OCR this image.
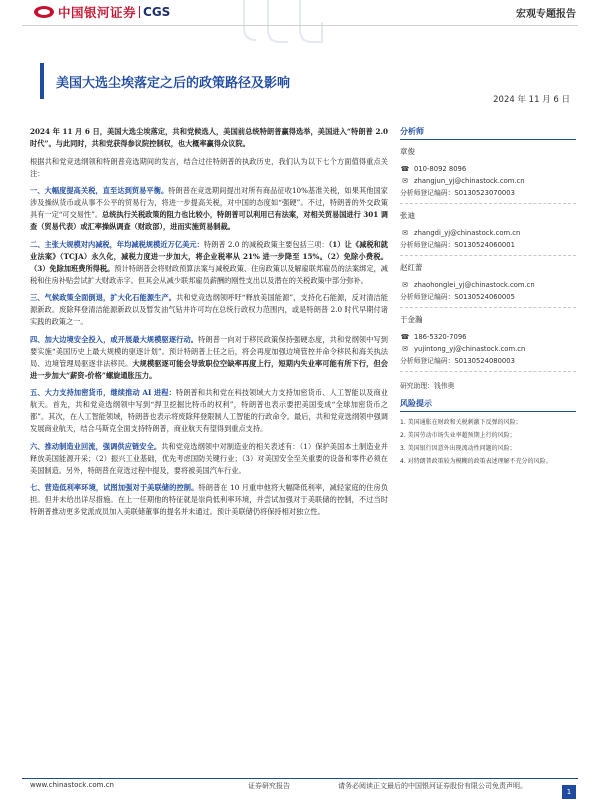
中国银河证券 CGS	宏观专题报告
美国大选尘埃落定之后的政策路径及影响
2024 年 11 月 6 日

2024 年 11 月 6 日，美国大选尘埃落定，共和党候选人，美国前总统特朗普赢得选举，美国进入“特朗普 2.0 时代”。与此同时，共和党获得参议院控制权，也大概率赢得众议院。

根据共和党竞选纲领和特朗普竞选期间的发言，结合过往特朗普的执政历史，我们认为以下七个方面值得重点关注：

一、大幅度提高关税，直至达到贸易平衡。特朗普在竞选期间提出对所有商品征收10%基准关税，如果其他国家涉及操纵货币或从事不公平的贸易行为，将进一步提高关税，对中国的态度如“强硬”。不过，特朗普的外交政策具有一定“可交易性”。总统执行关税政策的阻力也比较小，特朗普可以利用已有法案，对相关贸易国进行 301 调查（贸易代表）或汇率操纵调查（财政部），进而实施贸易制裁。

二、主张大规模对内减税，年均减税规模近万亿美元：特朗普 2.0 的减税政策主要包括三项：（1）让《减税和就业法案》（TCJA）永久化，减税力度进一步加大，将企业税率从 21% 进一步降至 15%。（2）免除小费税。（3）免除加班费所得税。预计特朗普会将财政预算法案与减税政策、住房政策以及解雇联邦雇员的法案绑定，减税和住房补贴尝试扩大财政赤字。但其会从减少联邦雇员薪酬的刚性支出以及潜在的关税政策中部分弥补。

三、气候政策全面倒退，扩大化石能源生产。共和党竞选纲领呼吁“释放美国能源”，支持化石能源，反对清洁能源新政。废除拜登清洁能源新政以及暂发油气钻井许可均在总统行政权力范围内，或是特朗普 2.0 时代早期付诸实践的政策之一。

四、加大边境安全投入，或开展最大规模驱逐行动。特朗普一向对于移民政策保持强硬态度，共和党纲领中写到要实施“美国历史上最大规模的驱逐计划”。预计特朗普上任之后，将会再度加强边境管控并命令移民和海关执法局、边境管理局驱逐非法移民。大规模驱逐可能会导致职位空缺率再度上行，短期内失业率可能有所下行，但会进一步加大“薪资-价格”螺旋通胀压力。

五、大力支持加密货币，继续推动 AI 进程：特朗普和共和党在科技领域大力支持加密货币、人工智能以及商业航天。首先，共和党竞选纲领中写到“捍卫挖掘比特币的权利”，特朗普也表示要把美国变成“全球加密货币之都”。其次，在人工智能领域，特朗普也表示将废除拜登限制人工智能的行政命令。最后，共和党竞选纲领中强调发展商业航天，结合马斯克全面支持特朗普，商业航天有望得到重点支持。

六、推动制造业回流，强调供应链安全。共和党竞选纲领中对制造业的相关表述有：（1）保护美国本土制造业并释放美国能源开采；（2）振兴工业基础，优先考虑国防关键行业；（3）对美国安全至关重要的设备和零件必须在美国制造。另外，特朗普在竞选过程中提及，要将被美国汽车行业。

七、营造低利率环境，试图加强对于美联储的控制。特朗普在 10 月重申他将大幅降低利率，减轻家庭的住房负担。但并未给出详尽措施。在上一任期他的特征就是崇尚低利率环境，并尝试加强对于美联储的控制，不过当时特朗普推动更多党派成员加入美联储董事的提名并未通过。预计美联储仍将保持相对独立性。

分析师
章俊
☎ 010-8092 8096
✉ zhangjun_yj@chinastock.com.cn
分析师登记编码：S0130523070003
张迪
✉ zhangdi_yj@chinastock.com.cn
分析师登记编码：S0130524060001
赵红蕾
✉ zhaohonglei_yj@chinastock.com.cn
分析师登记编码：S0130524060005
于金瀚
☎ 186-5320-7096
✉ yujintong_yj@chinastock.com.cn
分析师登记编码：S0130524080003
研究助理：钱伟奥
风险提示
1. 美国通胀在财政和关税刺激下反弹的风险；
2. 美国劳动市场失业率超预期上行的风险；
3. 美国银行因意外出现流动性问题的风险；
4. 对特朗普政策较为模糊的政策表述理解不充分的风险。
www.chinastock.com.cn	证券研究报告	请务必阅读正文最后的中国银河证券股份有限公司免责声明。
1
